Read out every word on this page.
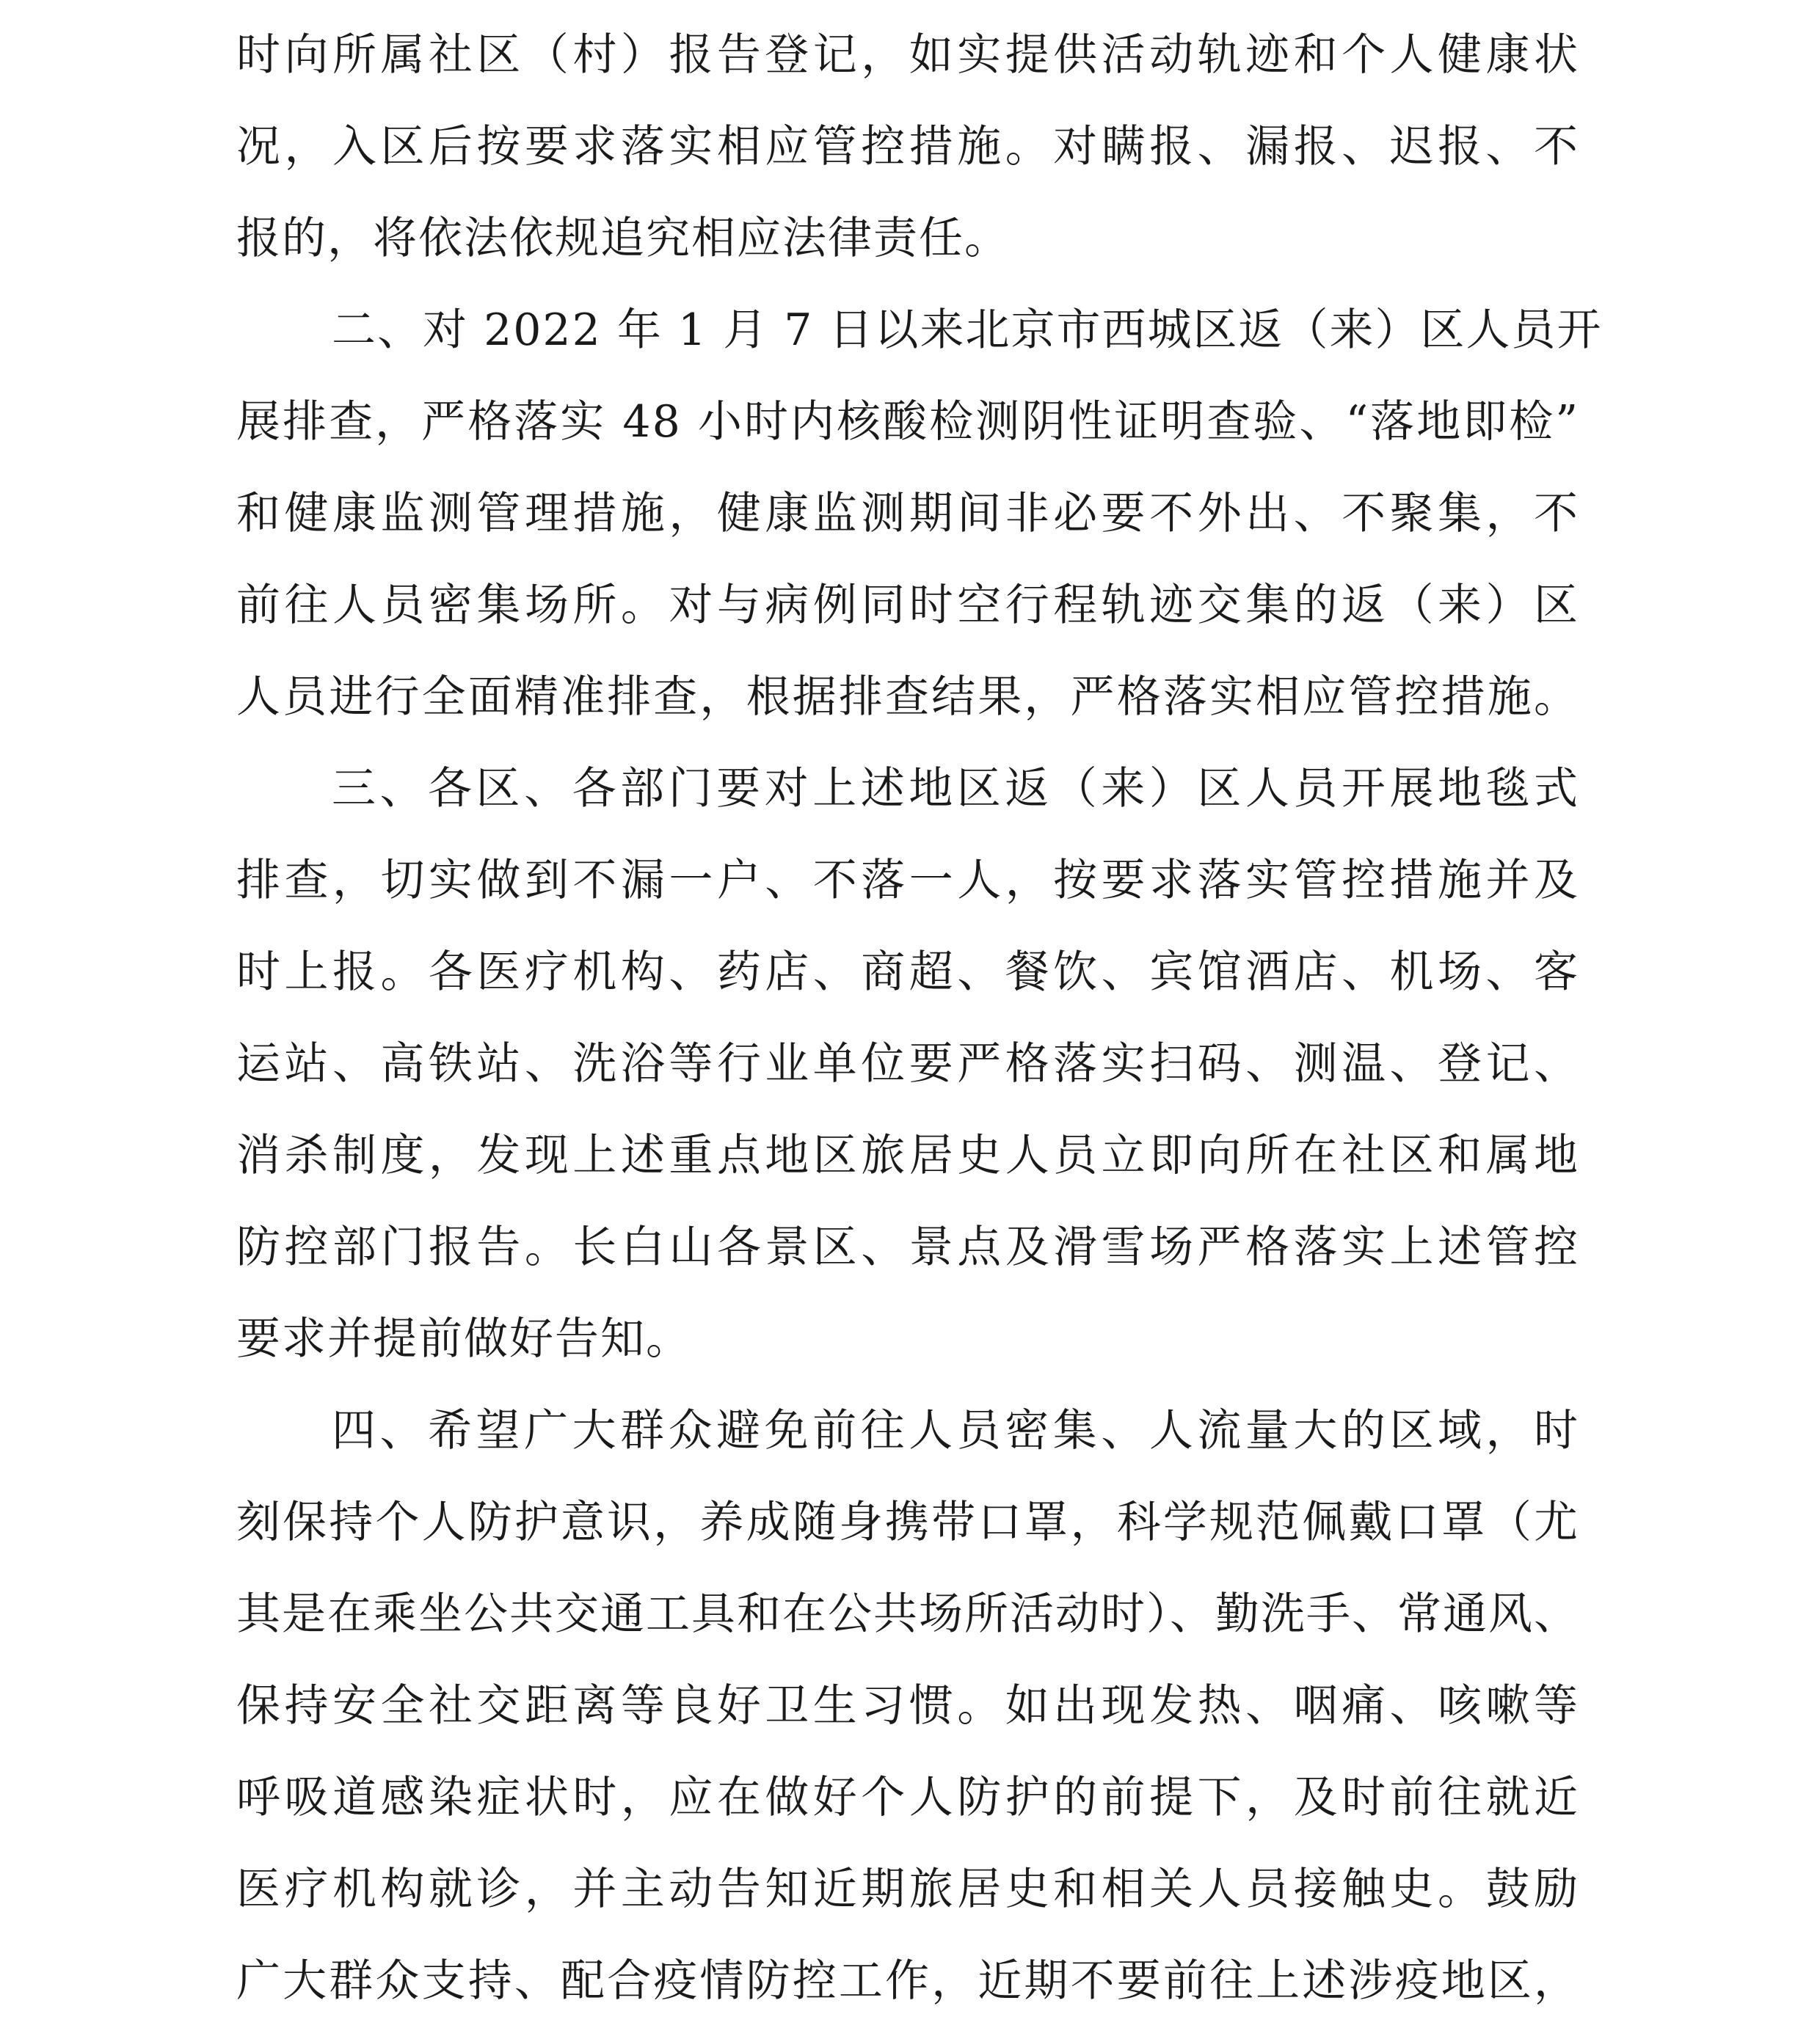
时向所属社区（村）报告登记，如实提供活动轨迹和个人健康状
况，入区后按要求落实相应管控措施。对瞒报、漏报、迟报、不
报的，将依法依规追究相应法律责任。
二、对 2022 年 1 月 7 日以来北京市西城区返（来）区人员开
展排查，严格落实 48 小时内核酸检测阴性证明查验、“落地即检”
和健康监测管理措施，健康监测期间非必要不外出、不聚集，不
前往人员密集场所。对与病例同时空行程轨迹交集的返（来）区
人员进行全面精准排查，根据排查结果，严格落实相应管控措施。
三、各区、各部门要对上述地区返（来）区人员开展地毯式
排查，切实做到不漏一户、不落一人，按要求落实管控措施并及
时上报。各医疗机构、药店、商超、餐饮、宾馆酒店、机场、客
运站、高铁站、洗浴等行业单位要严格落实扫码、测温、登记、
消杀制度，发现上述重点地区旅居史人员立即向所在社区和属地
防控部门报告。长白山各景区、景点及滑雪场严格落实上述管控
要求并提前做好告知。
四、希望广大群众避免前往人员密集、人流量大的区域，时
刻保持个人防护意识，养成随身携带口罩，科学规范佩戴口罩（尤
其是在乘坐公共交通工具和在公共场所活动时）、勤洗手、常通风、
保持安全社交距离等良好卫生习惯。如出现发热、咽痛、咳嗽等
呼吸道感染症状时，应在做好个人防护的前提下，及时前往就近
医疗机构就诊，并主动告知近期旅居史和相关人员接触史。鼓励
广大群众支持、配合疫情防控工作，近期不要前往上述涉疫地区，
